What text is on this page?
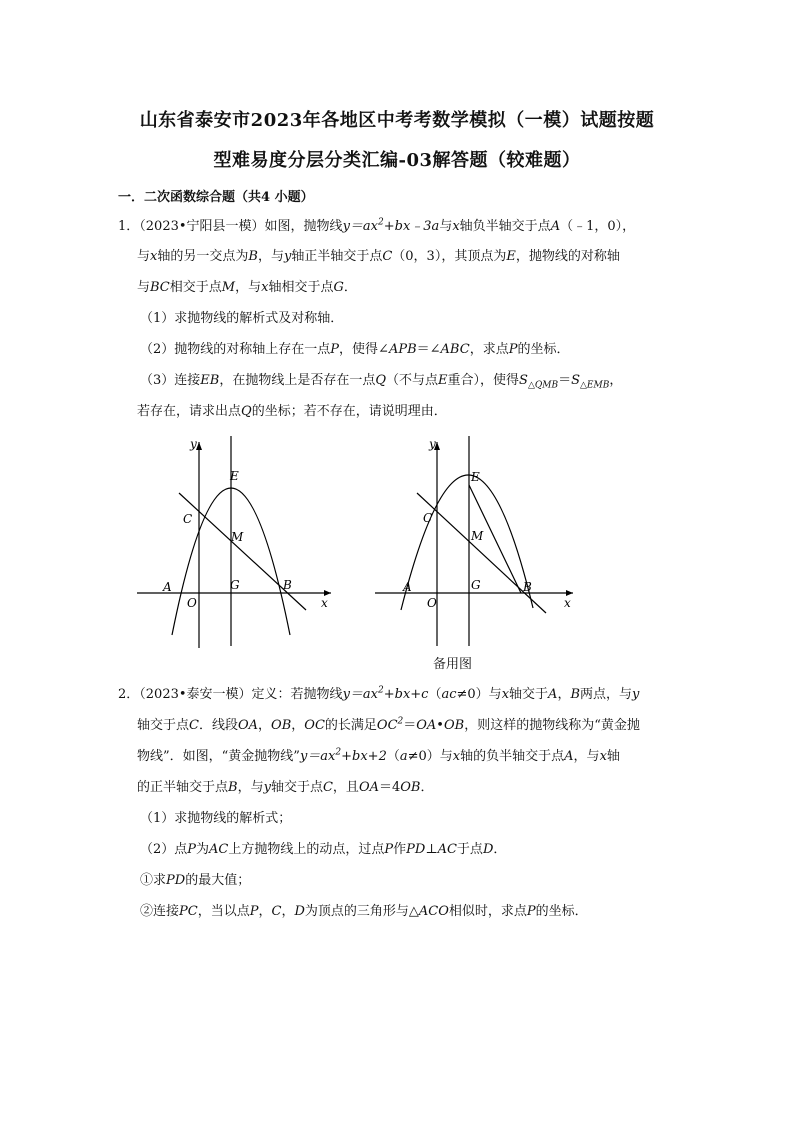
山东省泰安市2023年各地区中考考数学模拟（一模）试题按题
型难易度分层分类汇编-03解答题（较难题）
一．二次函数综合题（共4 小题）
1．（2023•宁阳县一模）如图，抛物线$y=ax^2+bx﹣3a$与x轴负半轴交于点A（﹣1，0），
与x轴的另一交点为B，与y轴正半轴交于点C（0，3），其顶点为E，抛物线的对称轴
与BC相交于点M，与x轴相交于点G．
（1）求抛物线的解析式及对称轴．
（2）抛物线的对称轴上存在一点P，使得∠APB＝∠ABC，求点P的坐标．
（3）连接EB，在抛物线上是否存在一点Q（不与点E重合），使得$S_{\triangle QMB}=S_{\triangle EMB}$，
若存在，请求出点Q的坐标；若不存在，请说明理由．
y
x
E
C
M
A
O
G	B
y
x
E
C
M
A
O
G	B
备用图
2．（2023•泰安一模）定义：若抛物线$y=ax^2+bx+c(ac\ne 0)$与x轴交于A，B两点，与y
轴交于点C．线段OA，OB，OC的长满足$OC^2=OA•OB$，则这样的抛物线称为“黄金抛
物线”．如图，“黄金抛物线$”y=ax^2+bx+2(a\ne 0)$与x轴的负半轴交于点A，与x轴
的正半轴交于点B，与y轴交于点C，且OA＝4OB．
（1）求抛物线的解析式；
（2）点P为AC上方抛物线上的动点，过点P作PD⊥AC于点D．
①求PD的最大值；
②连接PC，当以点P，C，D为顶点的三角形与△ACO相似时，求点P的坐标．
